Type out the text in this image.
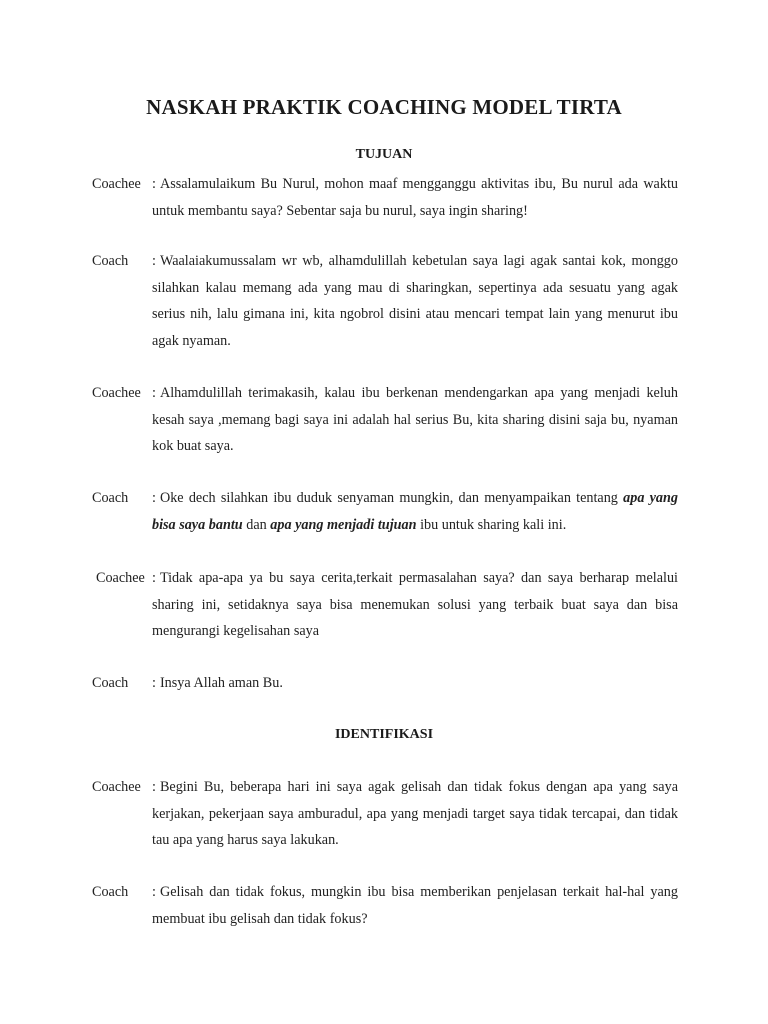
NASKAH PRAKTIK COACHING MODEL TIRTA
TUJUAN
Coachee : Assalamulaikum Bu Nurul, mohon maaf mengganggu aktivitas ibu, Bu nurul ada waktu untuk membantu saya? Sebentar saja bu nurul, saya ingin sharing!
Coach : Waalaiakumussalam wr wb, alhamdulillah kebetulan saya lagi agak santai kok, monggo silahkan kalau memang ada yang mau di sharingkan, sepertinya ada sesuatu yang agak serius nih, lalu gimana ini, kita ngobrol disini atau mencari tempat lain yang menurut ibu agak nyaman.
Coachee : Alhamdulillah terimakasih, kalau ibu berkenan mendengarkan apa yang menjadi keluh kesah saya ,memang bagi saya ini adalah hal serius Bu, kita sharing disini saja bu, nyaman kok buat saya.
Coach : Oke dech silahkan ibu duduk senyaman mungkin, dan menyampaikan tentang apa yang bisa saya bantu dan apa yang menjadi tujuan ibu untuk sharing kali ini.
Coachee : Tidak apa-apa ya bu saya cerita,terkait permasalahan saya? dan saya berharap melalui sharing ini, setidaknya saya bisa menemukan solusi yang terbaik buat saya dan bisa mengurangi kegelisahan saya
Coach : Insya Allah aman Bu.
IDENTIFIKASI
Coachee : Begini Bu, beberapa hari ini saya agak gelisah dan tidak fokus dengan apa yang saya kerjakan, pekerjaan saya amburadul, apa yang menjadi target saya tidak tercapai, dan tidak tau apa yang harus saya lakukan.
Coach : Gelisah dan tidak fokus, mungkin ibu bisa memberikan penjelasan terkait hal-hal yang membuat ibu gelisah dan tidak fokus?
